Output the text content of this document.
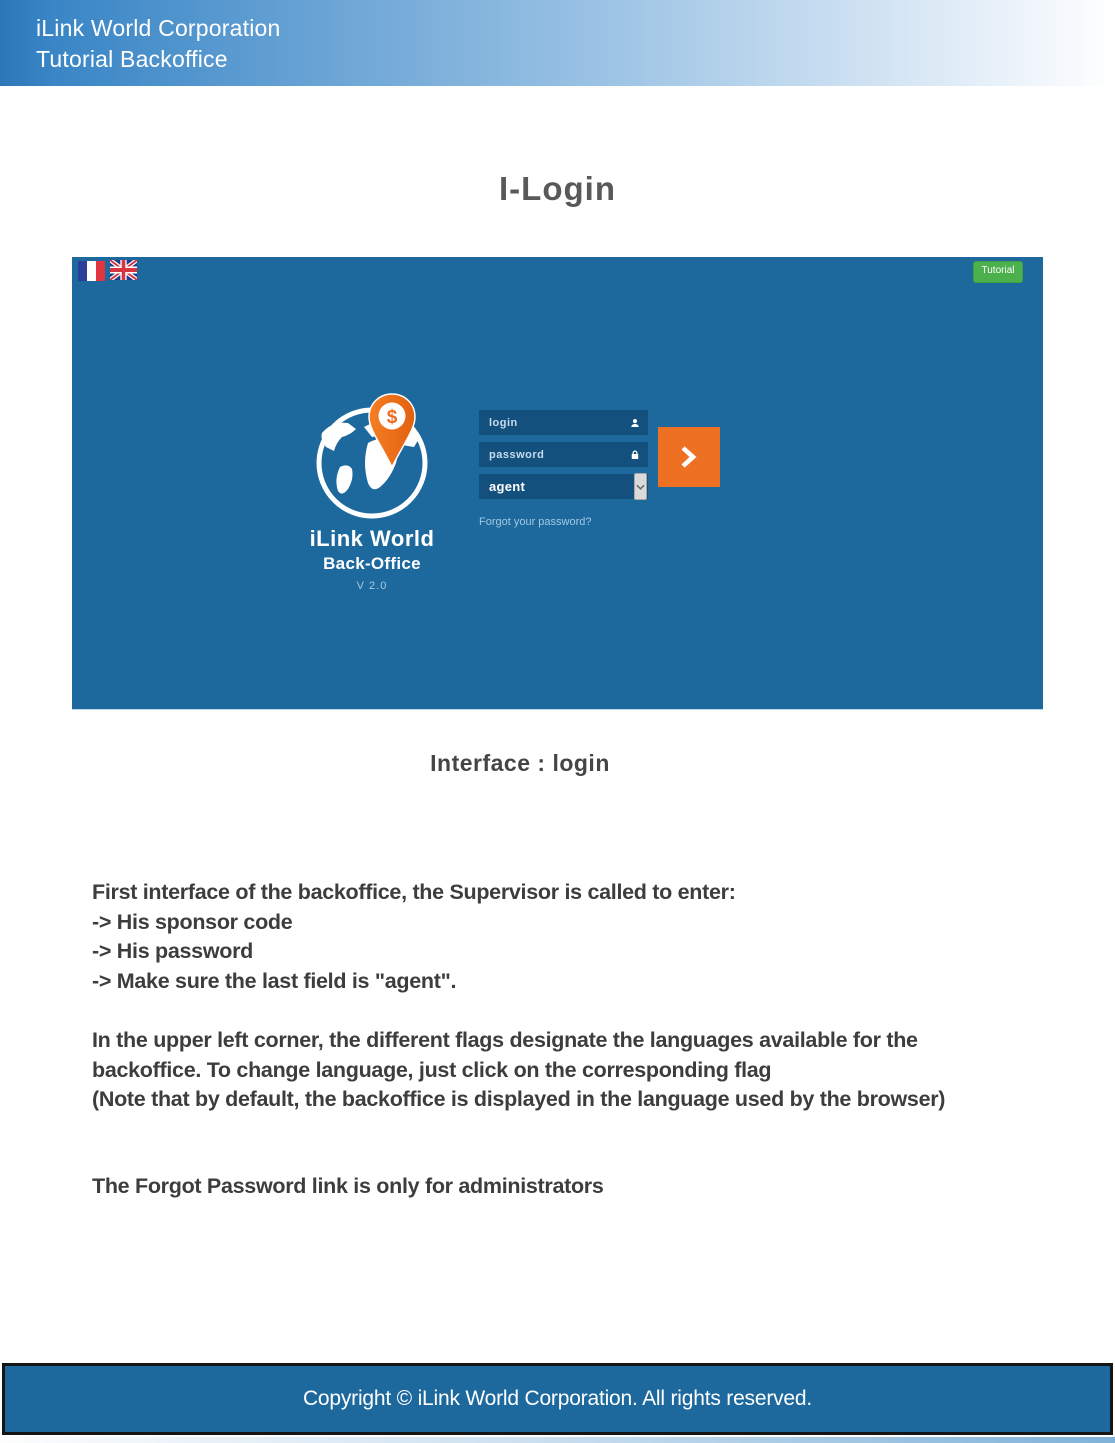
iLink World Corporation
Tutorial Backoffice
I-Login
Tutorial
$
iLink World
Back-Office
V 2.0
login
password
agent
Forgot your password?
Interface : login
First interface of the backoffice, the Supervisor is called to enter:
-> His sponsor code
-> His password
-> Make sure the last field is "agent".
In the upper left corner, the different flags designate the languages available for the
backoffice. To change language, just click on the corresponding flag
(Note that by default, the backoffice is displayed in the language used by the browser)
The Forgot Password link is only for administrators
Copyright © iLink World Corporation. All rights reserved.
